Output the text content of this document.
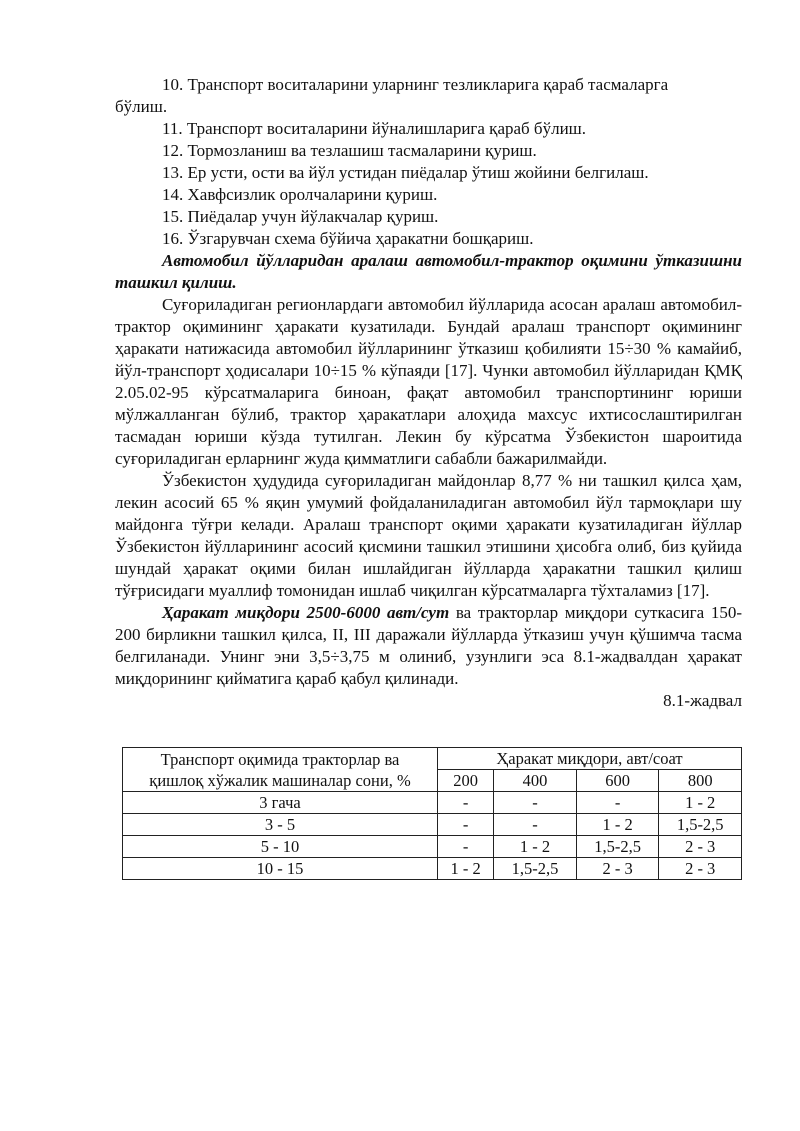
10. Транспорт воситаларини уларнинг тезликларига қараб тасмаларга

бўлиш.

11. Транспорт воситаларини йўналишларига қараб бўлиш.

12. Тормозланиш ва тезлашиш тасмаларини қуриш.

13. Ер усти, ости ва йўл устидан пиёдалар ўтиш жойини белгилаш.

14. Хавфсизлик оролчаларини қуриш.

15. Пиёдалар учун йўлакчалар қуриш.

16. Ўзгарувчан схема бўйича ҳаракатни бошқариш.

Автомобил йўлларидан аралаш автомобил-трактор оқимини ўтказишни ташкил қилиш.

Суғориладиган регионлардаги автомобил йўлларида асосан аралаш автомобил-трактор оқимининг ҳаракати кузатилади. Бундай аралаш транспорт оқимининг ҳаракати натижасида автомобил йўлларининг ўтказиш қобилияти 15÷30 % камайиб, йўл-транспорт ҳодисалари 10÷15 % кўпаяди [17]. Чунки автомобил йўлларидан ҚМҚ 2.05.02-95 кўрсатмаларига биноан, фақат автомобил транспортининг юриши мўлжалланган бўлиб, трактор ҳаракатлари алоҳида махсус ихтисослаштирилган тасмадан юриши кўзда тутилган. Лекин бу кўрсатма Ўзбекистон шароитида суғориладиган ерларнинг жуда қимматлиги сабабли бажарилмайди.

Ўзбекистон ҳудудида суғориладиган майдонлар 8,77 % ни ташкил қилса ҳам, лекин асосий 65 % яқин умумий фойдаланиладиган автомобил йўл тармоқлари шу майдонга тўғри келади. Аралаш транспорт оқими ҳаракати кузатиладиган йўллар Ўзбекистон йўлларининг асосий қисмини ташкил этишини ҳисобга олиб, биз қуйида шундай ҳаракат оқими билан ишлайдиган йўлларда ҳаракатни ташкил қилиш тўғрисидаги муаллиф томонидан ишлаб чиқилган кўрсатмаларга тўхталамиз [17].

Ҳаракат миқдори 2500-6000 авт/сут ва тракторлар миқдори суткасига 150-200 бирликни ташкил қилса, II, III даражали йўлларда ўтказиш учун қўшимча тасма белгиланади. Унинг эни 3,5÷3,75 м олиниб, узунлиги эса 8.1-жадвалдан ҳаракат миқдорининг қийматига қараб қабул қилинади.

8.1-жадвал

Транспорт оқимида тракторлар ва
қишлоқ хўжалик машиналар сони, %	Ҳаракат миқдори, авт/соат			
	200	400	600	800
3 гача	-	-	-	1 - 2
3 - 5	-	-	1 - 2	1,5-2,5
5 - 10	-	1 - 2	1,5-2,5	2 - 3
10 - 15	1 - 2	1,5-2,5	2 - 3	2 - 3
